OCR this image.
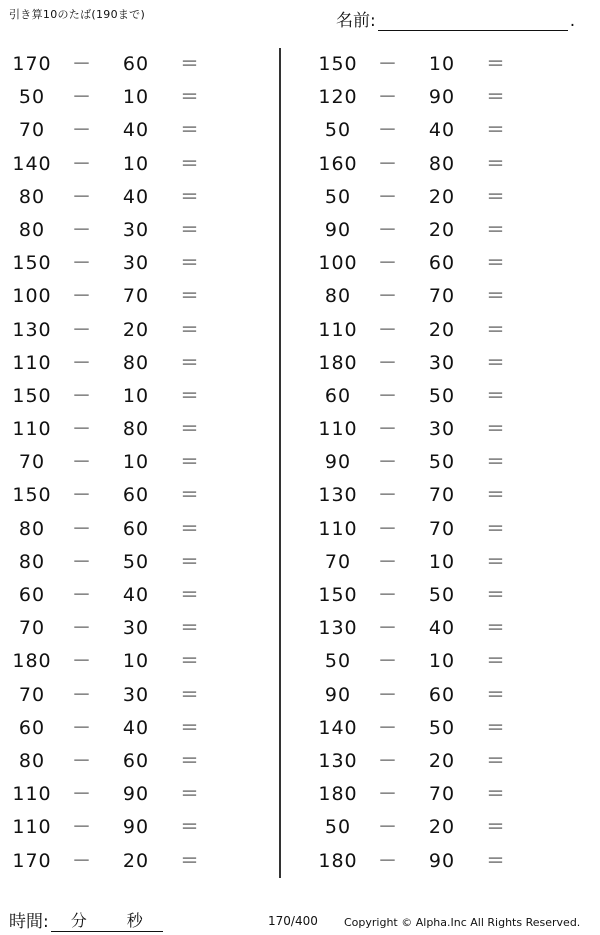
引き算10のたば(190まで)	名前:	.
170	－	60	＝
50	－	10	＝
70	－	40	＝
140	－	10	＝
80	－	40	＝
80	－	30	＝
150	－	30	＝
100	－	70	＝
130	－	20	＝
110	－	80	＝
150	－	10	＝
110	－	80	＝
70	－	10	＝
150	－	60	＝
80	－	60	＝
80	－	50	＝
60	－	40	＝
70	－	30	＝
180	－	10	＝
70	－	30	＝
60	－	40	＝
80	－	60	＝
110	－	90	＝
110	－	90	＝
170	－	20	＝
150	－	10	＝
120	－	90	＝
50	－	40	＝
160	－	80	＝
50	－	20	＝
90	－	20	＝
100	－	60	＝
80	－	70	＝
110	－	20	＝
180	－	30	＝
60	－	50	＝
110	－	30	＝
90	－	50	＝
130	－	70	＝
110	－	70	＝
70	－	10	＝
150	－	50	＝
130	－	40	＝
50	－	10	＝
90	－	60	＝
140	－	50	＝
130	－	20	＝
180	－	70	＝
50	－	20	＝
180	－	90	＝
時間: 分 秒	170/400 Copyright © Alpha.Inc All Rights Reserved.
